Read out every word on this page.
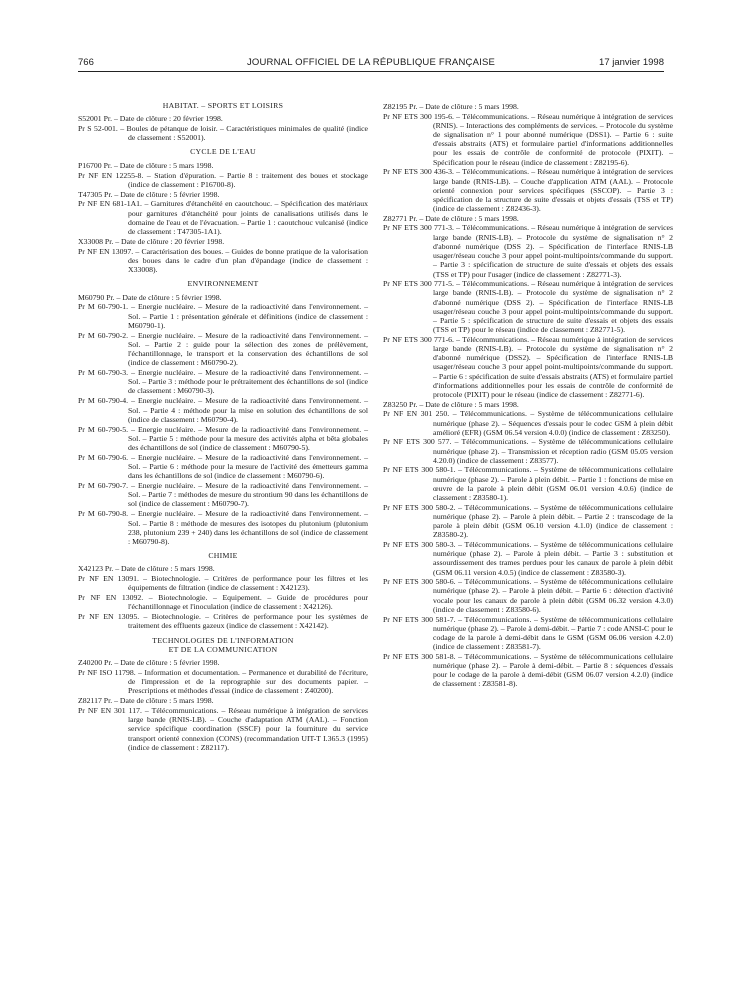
766	JOURNAL OFFICIEL DE LA RÉPUBLIQUE FRANÇAISE	17 janvier 1998
HABITAT. – SPORTS ET LOISIRS
S52001 Pr. – Date de clôture : 20 février 1998.
Pr S 52-001. – Boules de pétanque de loisir. – Caractéristiques minimales de qualité (indice de classement : S52001).
CYCLE DE L'EAU
P16700 Pr. – Date de clôture : 5 mars 1998.
Pr NF EN 12255-8. – Station d'épuration. – Partie 8 : traitement des boues et stockage (indice de classement : P16700-8).
T47305 Pr. – Date de clôture : 5 février 1998.
Pr NF EN 681-1A1. – Garnitures d'étanchéité en caoutchouc. – Spécification des matériaux pour garnitures d'étanchéité pour joints de canalisations utilisés dans le domaine de l'eau et de l'évacuation. – Partie 1 : caoutchouc vulcanisé (indice de classement : T47305-1A1).
X33008 Pr. – Date de clôture : 20 février 1998.
Pr NF EN 13097. – Caractérisation des boues. – Guides de bonne pratique de la valorisation des boues dans le cadre d'un plan d'épandage (indice de classement : X33008).
ENVIRONNEMENT
M60790 Pr. – Date de clôture : 5 février 1998.
Pr M 60-790-1. – Energie nucléaire. – Mesure de la radioactivité dans l'environnement. – Sol. – Partie 1 : présentation générale et définitions (indice de classement : M60790-1).
Pr M 60-790-2. – Energie nucléaire. – Mesure de la radioactivité dans l'environnement. – Sol. – Partie 2 : guide pour la sélection des zones de prélèvement, l'échantillonnage, le transport et la conservation des échantillons de sol (indice de classement : M60790-2).
Pr M 60-790-3. – Energie nucléaire. – Mesure de la radioactivité dans l'environnement. – Sol. – Partie 3 : méthode pour le prétraitement des échantillons de sol (indice de classement : M60790-3).
Pr M 60-790-4. – Energie nucléaire. – Mesure de la radioactivité dans l'environnement. – Sol. – Partie 4 : méthode pour la mise en solution des échantillons de sol (indice de classement : M60790-4).
Pr M 60-790-5. – Energie nucléaire. – Mesure de la radioactivité dans l'environnement. – Sol. – Partie 5 : méthode pour la mesure des activités alpha et bêta globales des échantillons de sol (indice de classement : M60790-5).
Pr M 60-790-6. – Energie nucléaire. – Mesure de la radioactivité dans l'environnement. – Sol. – Partie 6 : méthode pour la mesure de l'activité des émetteurs gamma dans les échantillons de sol (indice de classement : M60790-6).
Pr M 60-790-7. – Energie nucléaire. – Mesure de la radioactivité dans l'environnement. – Sol. – Partie 7 : méthodes de mesure du strontium 90 dans les échantillons de sol (indice de classement : M60790-7).
Pr M 60-790-8. – Energie nucléaire. – Mesure de la radioactivité dans l'environnement. – Sol. – Partie 8 : méthode de mesures des isotopes du plutonium (plutonium 238, plutonium 239 + 240) dans les échantillons de sol (indice de classement : M60790-8).
CHIMIE
X42123 Pr. – Date de clôture : 5 mars 1998.
Pr NF EN 13091. – Biotechnologie. – Critères de performance pour les filtres et les équipements de filtration (indice de classement : X42123).
Pr NF EN 13092. – Biotechnologie. – Equipement. – Guide de procédures pour l'échantillonnage et l'inoculation (indice de classement : X42126).
Pr NF EN 13095. – Biotechnologie. – Critères de performance pour les systèmes de traitement des effluents gazeux (indice de classement : X42142).
TECHNOLOGIES DE L'INFORMATION
ET DE LA COMMUNICATION
Z40200 Pr. – Date de clôture : 5 février 1998.
Pr NF ISO 11798. – Information et documentation. – Permanence et durabilité de l'écriture, de l'impression et de la reprographie sur des documents papier. – Prescriptions et méthodes d'essai (indice de classement : Z40200).
Z82117 Pr. – Date de clôture : 5 mars 1998.
Pr NF EN 301 117. – Télécommunications. – Réseau numérique à intégration de services large bande (RNIS-LB). – Couche d'adaptation ATM (AAL). – Fonction service spécifique coordination (SSCF) pour la fourniture du service transport orienté connexion (CONS) (recommandation UIT-T I.365.3 (1995) (indice de classement : Z82117).
Z82195 Pr. – Date de clôture : 5 mars 1998.
Pr NF ETS 300 195-6. – Télécommunications. – Réseau numérique à intégration de services (RNIS). – Interactions des compléments de services. – Protocole du système de signalisation n° 1 pour abonné numérique (DSS1). – Partie 6 : suite d'essais abstraits (ATS) et formulaire partiel d'informations additionnelles pour les essais de contrôle de conformité de protocole (PIXIT). – Spécification pour le réseau (indice de classement : Z82195-6).
Pr NF ETS 300 436-3. – Télécommunications. – Réseau numérique à intégration de services large bande (RNIS-LB). – Couche d'application ATM (AAL). – Protocole orienté connexion pour services spécifiques (SSCOP). – Partie 3 : spécification de la structure de suite d'essais et objets d'essais (TSS et TP) (indice de classement : Z82436-3).
Z82771 Pr. – Date de clôture : 5 mars 1998.
Pr NF ETS 300 771-3. – Télécommunications. – Réseau numérique à intégration de services large bande (RNIS-LB). – Protocole du système de signalisation n° 2 d'abonné numérique (DSS 2). – Spécification de l'interface RNIS-LB usager/réseau couche 3 pour appel point-multipoints/commande du support. – Partie 3 : spécification de structure de suite d'essais et objets des essais (TSS et TP) pour l'usager (indice de classement : Z82771-3).
Pr NF ETS 300 771-5. – Télécommunications. – Réseau numérique à intégration de services large bande (RNIS-LB). – Protocole du système de signalisation n° 2 d'abonné numérique (DSS 2). – Spécification de l'interface RNIS-LB usager/réseau couche 3 pour appel point-multipoints/commande du support. – Partie 5 : spécification de structure de suite d'essais et objets des essais (TSS et TP) pour le réseau (indice de classement : Z82771-5).
Pr NF ETS 300 771-6. – Télécommunications. – Réseau numérique à intégration de services large bande (RNIS-LB). – Protocole du système de signalisation n° 2 d'abonné numérique (DSS2). – Spécification de l'interface RNIS-LB usager/réseau couche 3 pour appel point-multipoints/commande du support. – Partie 6 : spécification de suite d'essais abstraits (ATS) et formulaire partiel d'informations additionnelles pour les essais de contrôle de conformité de protocole (PIXIT) pour le réseau (indice de classement : Z82771-6).
Z83250 Pr. – Date de clôture : 5 mars 1998.
Pr NF EN 301 250. – Télécommunications. – Système de télécommunications cellulaire numérique (phase 2). – Séquences d'essais pour le codec GSM à plein débit amélioré (EFR) (GSM 06.54 version 4.0.0) (indice de classement : Z83250).
Pr NF ETS 300 577. – Télécommunications. – Système de télécommunications cellulaire numérique (phase 2). – Transmission et réception radio (GSM 05.05 version 4.20.0) (indice de classement : Z83577).
Pr NF ETS 300 580-1. – Télécommunications. – Système de télécommunications cellulaire numérique (phase 2). – Parole à plein débit. – Partie 1 : fonctions de mise en œuvre de la parole à plein débit (GSM 06.01 version 4.0.6) (indice de classement : Z83580-1).
Pr NF ETS 300 580-2. – Télécommunications. – Système de télécommunications cellulaire numérique (phase 2). – Parole à plein débit. – Partie 2 : transcodage de la parole à plein débit (GSM 06.10 version 4.1.0) (indice de classement : Z83580-2).
Pr NF ETS 300 580-3. – Télécommunications. – Système de télécommunications cellulaire numérique (phase 2). – Parole à plein débit. – Partie 3 : substitution et assourdissement des trames perdues pour les canaux de parole à plein débit (GSM 06.11 version 4.0.5) (indice de classement : Z83580-3).
Pr NF ETS 300 580-6. – Télécommunications. – Système de télécommunications cellulaire numérique (phase 2). – Parole à plein débit. – Partie 6 : détection d'activité vocale pour les canaux de parole à plein débit (GSM 06.32 version 4.3.0) (indice de classement : Z83580-6).
Pr NF ETS 300 581-7. – Télécommunications. – Système de télécommunications cellulaire numérique (phase 2). – Parole à demi-débit. – Partie 7 : code ANSI-C pour le codage de la parole à demi-débit dans le GSM (GSM 06.06 version 4.2.0) (indice de classement : Z83581-7).
Pr NF ETS 300 581-8. – Télécommunications. – Système de télécommunications cellulaire numérique (phase 2). – Parole à demi-débit. – Partie 8 : séquences d'essais pour le codage de la parole à demi-débit (GSM 06.07 version 4.2.0) (indice de classement : Z83581-8).
